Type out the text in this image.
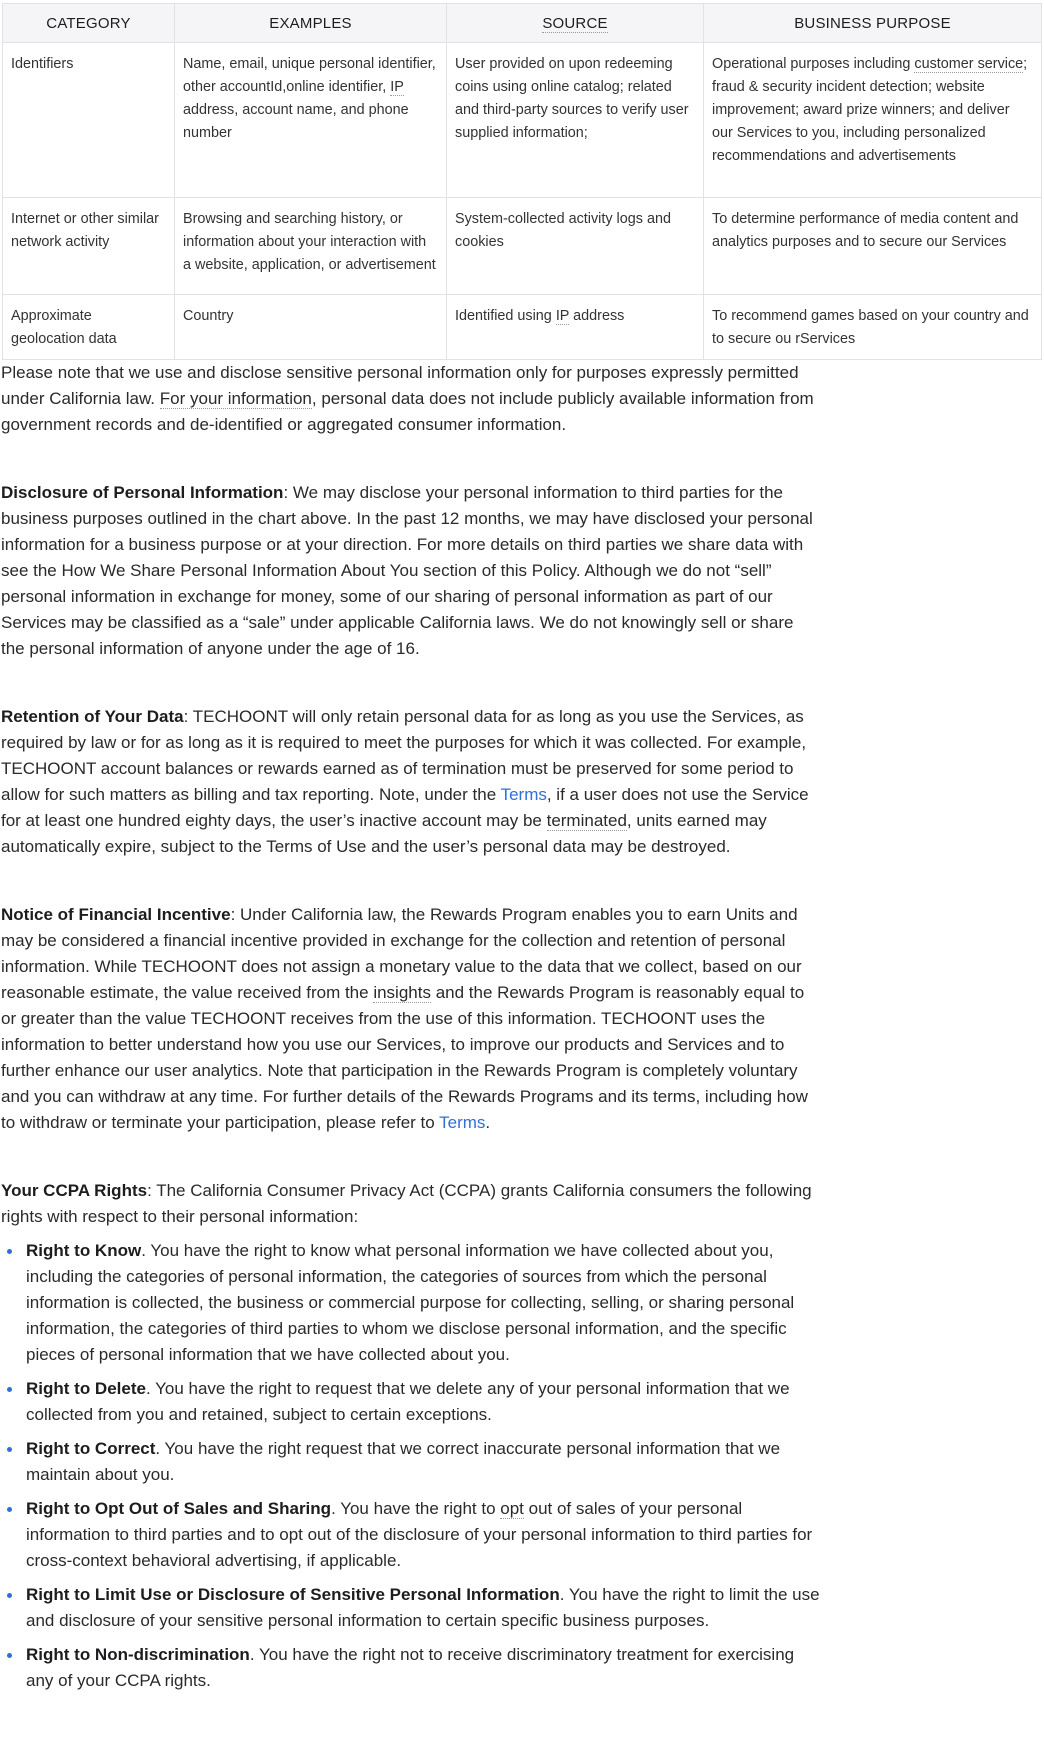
CATEGORY	EXAMPLES	SOURCE	BUSINESS PURPOSE
Identifiers	Name, email, unique personal identifier, other accountId,online identifier, IP address, account name, and phone number	User provided on upon redeeming coins using online catalog; related and third-party sources to verify user supplied information;	Operational purposes including customer service; fraud & security incident detection; website improvement; award prize winners; and deliver our Services to you, including personalized recommendations and advertisements
Internet or other similar network activity	Browsing and searching history, or information about your interaction with a website, application, or advertisement	System-collected activity logs and cookies	To determine performance of media content and analytics purposes and to secure our Services
Approximate geolocation data	Country	Identified using IP address	To recommend games based on your country and to secure ou rServices

Please note that we use and disclose sensitive personal information only for purposes expressly permitted under California law. For your information, personal data does not include publicly available information from government records and de-identified or aggregated consumer information.

Disclosure of Personal Information: We may disclose your personal information to third parties for the business purposes outlined in the chart above. In the past 12 months, we may have disclosed your personal information for a business purpose or at your direction. For more details on third parties we share data with see the How We Share Personal Information About You section of this Policy. Although we do not “sell” personal information in exchange for money, some of our sharing of personal information as part of our Services may be classified as a “sale” under applicable California laws. We do not knowingly sell or share the personal information of anyone under the age of 16.

Retention of Your Data: TECHOONT will only retain personal data for as long as you use the Services, as required by law or for as long as it is required to meet the purposes for which it was collected. For example, TECHOONT account balances or rewards earned as of termination must be preserved for some period to allow for such matters as billing and tax reporting. Note, under the Terms, if a user does not use the Service for at least one hundred eighty days, the user’s inactive account may be terminated, units earned may automatically expire, subject to the Terms of Use and the user’s personal data may be destroyed.

Notice of Financial Incentive: Under California law, the Rewards Program enables you to earn Units and may be considered a financial incentive provided in exchange for the collection and retention of personal information. While TECHOONT does not assign a monetary value to the data that we collect, based on our reasonable estimate, the value received from the insights and the Rewards Program is reasonably equal to or greater than the value TECHOONT receives from the use of this information. TECHOONT uses the information to better understand how you use our Services, to improve our products and Services and to further enhance our user analytics. Note that participation in the Rewards Program is completely voluntary and you can withdraw at any time. For further details of the Rewards Programs and its terms, including how to withdraw or terminate your participation, please refer to Terms.

Your CCPA Rights: The California Consumer Privacy Act (CCPA) grants California consumers the following rights with respect to their personal information:

Right to Know. You have the right to know what personal information we have collected about you, including the categories of personal information, the categories of sources from which the personal information is collected, the business or commercial purpose for collecting, selling, or sharing personal information, the categories of third parties to whom we disclose personal information, and the specific pieces of personal information that we have collected about you.
Right to Delete. You have the right to request that we delete any of your personal information that we collected from you and retained, subject to certain exceptions.
Right to Correct. You have the right request that we correct inaccurate personal information that we maintain about you.
Right to Opt Out of Sales and Sharing. You have the right to opt out of sales of your personal information to third parties and to opt out of the disclosure of your personal information to third parties for cross-context behavioral advertising, if applicable.
Right to Limit Use or Disclosure of Sensitive Personal Information. You have the right to limit the use and disclosure of your sensitive personal information to certain specific business purposes.
Right to Non-discrimination. You have the right not to receive discriminatory treatment for exercising any of your CCPA rights.
